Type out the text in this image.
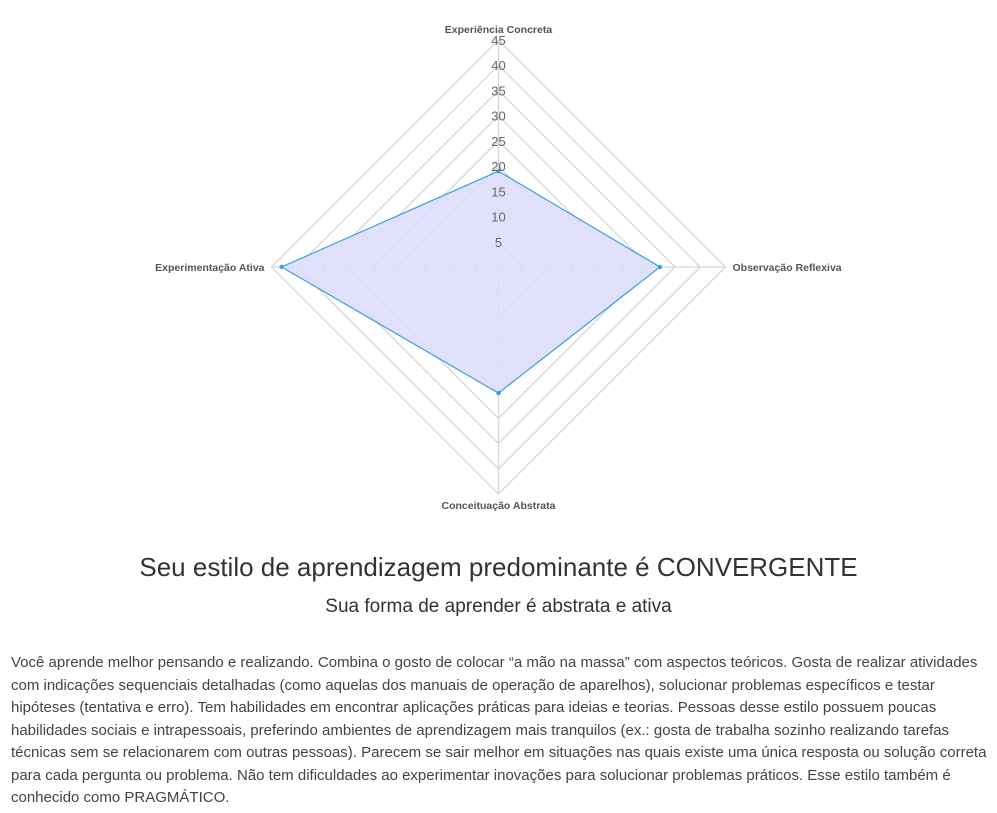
5
10
15
20
25
30
35
40
45
Experiência Concreta
Observação Reflexiva
Conceituação Abstrata
Experimentação Ativa
Seu estilo de aprendizagem predominante é CONVERGENTE
Sua forma de aprender é abstrata e ativa

Você aprende melhor pensando e realizando. Combina o gosto de colocar “a mão na massa” com aspectos teóricos. Gosta de realizar atividades com indicações sequenciais detalhadas (como aquelas dos manuais de operação de aparelhos), solucionar problemas específicos e testar hipóteses (tentativa e erro). Tem habilidades em encontrar aplicações práticas para ideias e teorias. Pessoas desse estilo possuem poucas habilidades sociais e intrapessoais, preferindo ambientes de aprendizagem mais tranquilos (ex.: gosta de trabalha sozinho realizando tarefas técnicas sem se relacionarem com outras pessoas). Parecem se sair melhor em situações nas quais existe uma única resposta ou solução correta para cada pergunta ou problema. Não tem dificuldades ao experimentar inovações para solucionar problemas práticos. Esse estilo também é conhecido como PRAGMÁTICO.
